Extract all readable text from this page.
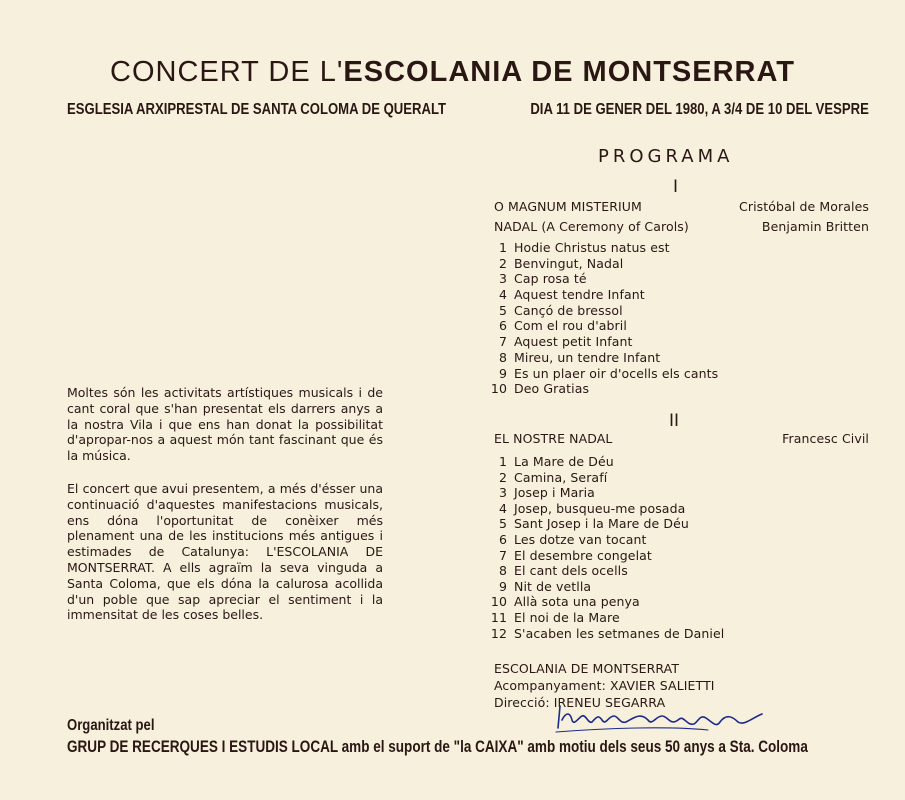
CONCERT DE L'ESCOLANIA DE MONTSERRAT
ESGLESIA ARXIPRESTAL DE SANTA COLOMA DE QUERALT	DIA 11 DE GENER DEL 1980, A 3/4 DE 10 DEL VESPRE
PROGRAMA
I
O MAGNUM MISTERIUM	Cristóbal de Morales
NADAL (A Ceremony of Carols)	Benjamin Britten
1 Hodie Christus natus est
2 Benvingut, Nadal
3 Cap rosa té
4 Aquest tendre Infant
5 Cançó de bressol
6 Com el rou d'abril
7 Aquest petit Infant
8 Mireu, un tendre Infant
9 Es un plaer oir d'ocells els cants
10 Deo Gratias
II
EL NOSTRE NADAL	Francesc Civil
1 La Mare de Déu
2 Camina, Serafí
3 Josep i Maria
4 Josep, busqueu-me posada
5 Sant Josep i la Mare de Déu
6 Les dotze van tocant
7 El desembre congelat
8 El cant dels ocells
9 Nit de vetlla
10 Allà sota una penya
11 El noi de la Mare
12 S'acaben les setmanes de Daniel
ESCOLANIA DE MONTSERRAT
Acompanyament: XAVIER SALIETTI
Direcció: IRENEU SEGARRA

Moltes són les activitats artístiques musicals i de cant coral que s'han presentat els darrers anys a la nostra Vila i que ens han donat la possibilitat d'apropar-nos a aquest món tant fascinant que és la música.

El concert que avui presentem, a més d'ésser una continuació d'aquestes manifestacions musicals, ens dóna l'oportunitat de conèixer més plenament una de les institucions més antigues i estimades de Catalunya: L'ESCOLANIA DE MONTSERRAT. A ells agraïm la seva vinguda a Santa Coloma, que els dóna la calurosa acollida d'un poble que sap apreciar el sentiment i la immensitat de les coses belles.

Organitzat pel
GRUP DE RECERQUES I ESTUDIS LOCAL amb el suport de "la CAIXA" amb motiu dels seus 50 anys a Sta. Coloma
